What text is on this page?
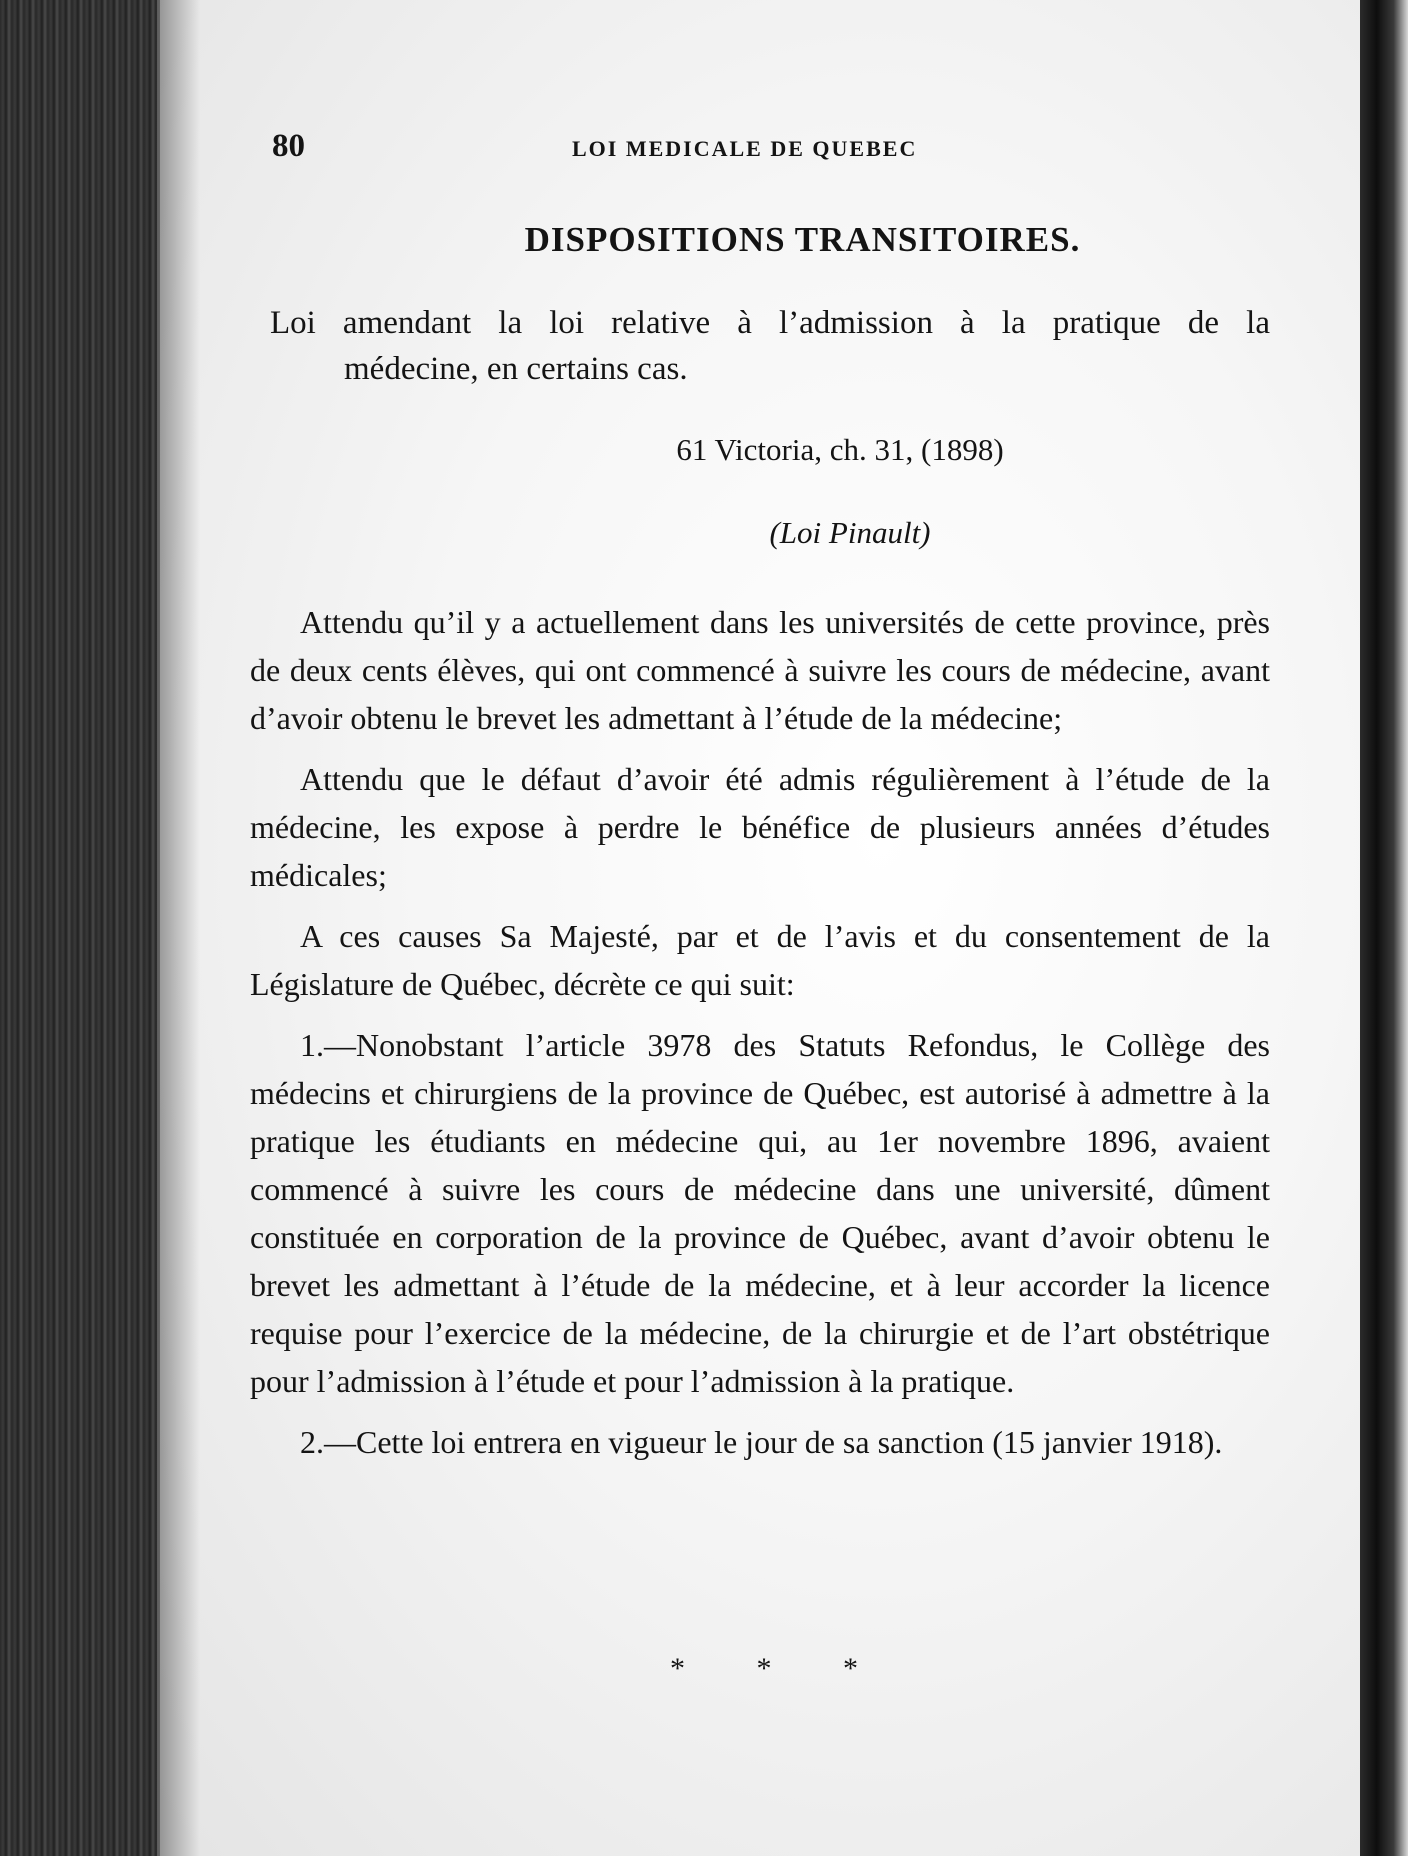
80	LOI MEDICALE DE QUEBEC
DISPOSITIONS TRANSITOIRES.
Loi amendant la loi relative à l’admission à la pratique de la
médecine, en certains cas.
61 Victoria, ch. 31, (1898)
(Loi Pinault)

Attendu qu’il y a actuellement dans les universités de cette province, près de deux cents élèves, qui ont commencé à suivre les cours de médecine, avant d’avoir obtenu le brevet les admettant à l’étude de la médecine;

Attendu que le défaut d’avoir été admis régulièrement à l’étude de la médecine, les expose à perdre le bénéfice de plusieurs années d’études médicales;

A ces causes Sa Majesté, par et de l’avis et du consentement de la Législature de Québec, décrète ce qui suit:

1.—Nonobstant l’article 3978 des Statuts Refondus, le Collège des médecins et chirurgiens de la province de Québec, est autorisé à admettre à la pratique les étudiants en médecine qui, au 1er novembre 1896, avaient commencé à suivre les cours de médecine dans une université, dûment constituée en corporation de la province de Québec, avant d’avoir obtenu le brevet les admettant à l’étude de la médecine, et à leur accorder la licence requise pour l’exercice de la médecine, de la chirurgie et de l’art obstétrique pour l’admission à l’étude et pour l’admission à la pratique.

2.—Cette loi entrera en vigueur le jour de sa sanction (15 janvier 1918).

* * *
